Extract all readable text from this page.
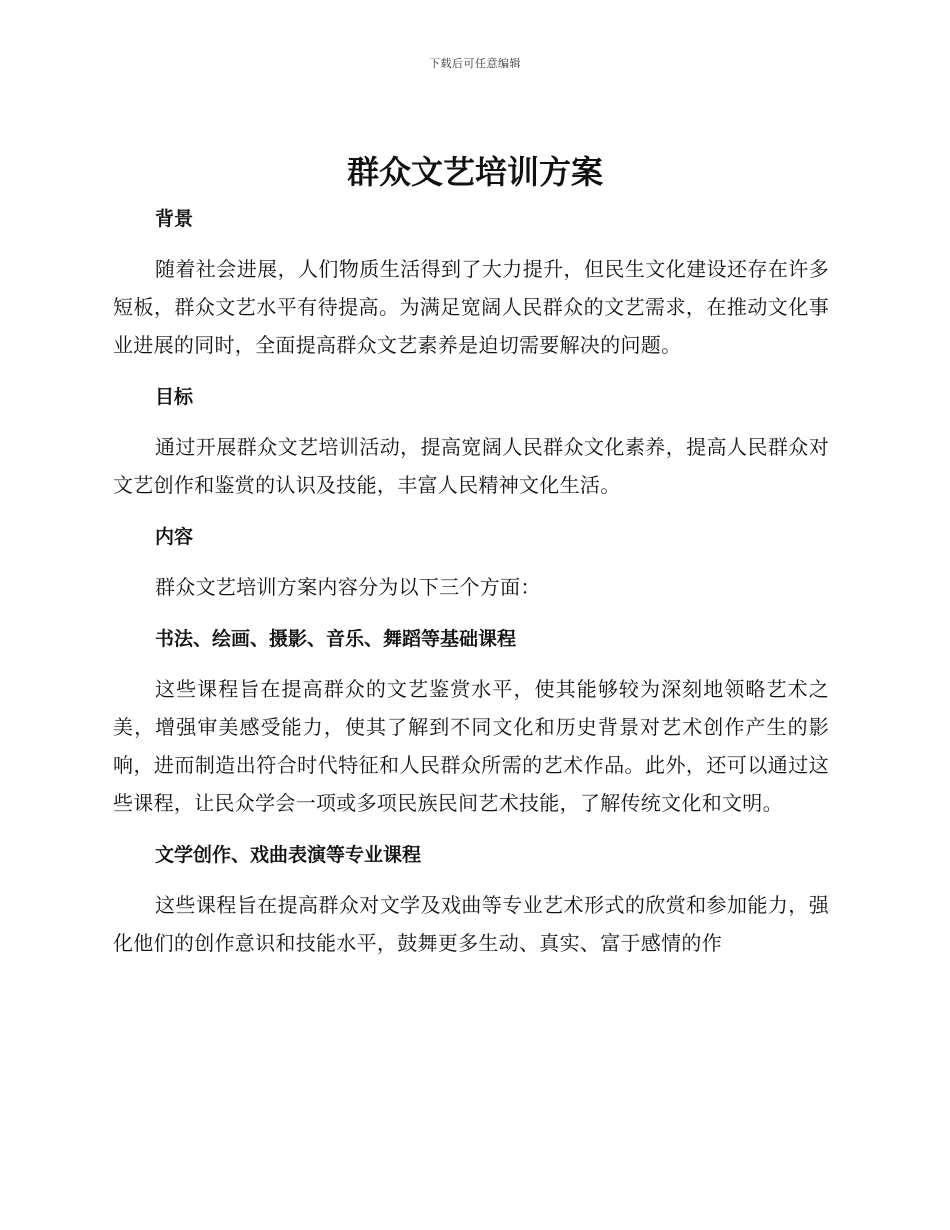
下载后可任意编辑
群众文艺培训方案
背景

随着社会进展，人们物质生活得到了大力提升，但民生文化建设还存在许多短板，群众文艺水平有待提高。为满足宽阔人民群众的文艺需求，在推动文化事业进展的同时，全面提高群众文艺素养是迫切需要解决的问题。

目标

通过开展群众文艺培训活动，提高宽阔人民群众文化素养，提高人民群众对文艺创作和鉴赏的认识及技能，丰富人民精神文化生活。

内容

群众文艺培训方案内容分为以下三个方面：

书法、绘画、摄影、音乐、舞蹈等基础课程

这些课程旨在提高群众的文艺鉴赏水平，使其能够较为深刻地领略艺术之美，增强审美感受能力，使其了解到不同文化和历史背景对艺术创作产生的影响，进而制造出符合时代特征和人民群众所需的艺术作品。此外，还可以通过这些课程，让民众学会一项或多项民族民间艺术技能，了解传统文化和文明。

文学创作、戏曲表演等专业课程

这些课程旨在提高群众对文学及戏曲等专业艺术形式的欣赏和参加能力，强化他们的创作意识和技能水平，鼓舞更多生动、真实、富于感情的作
